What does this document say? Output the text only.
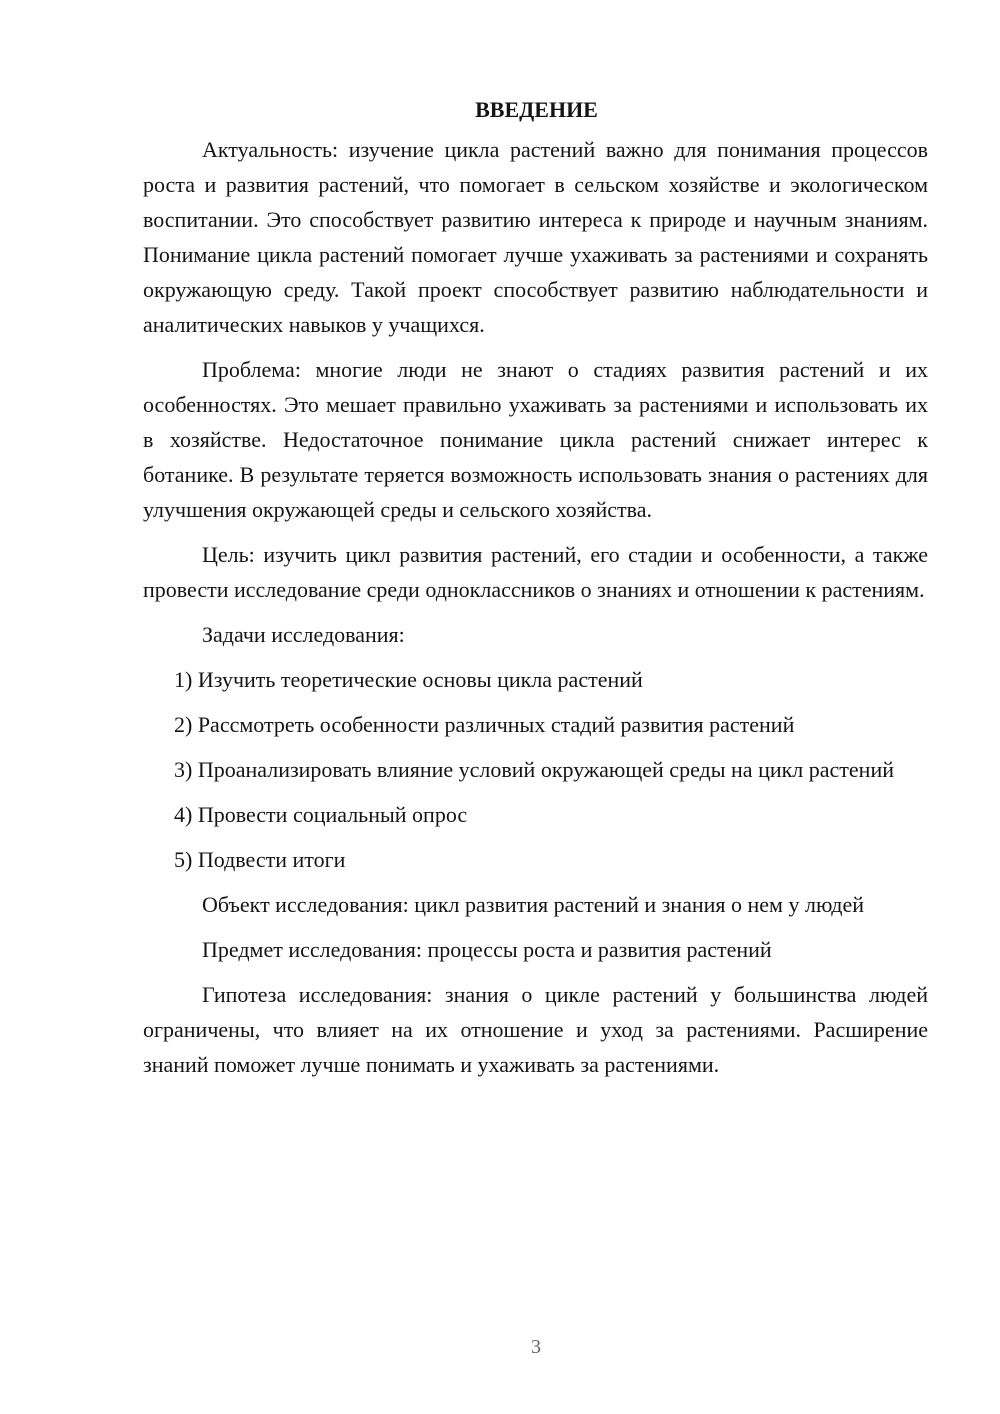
ВВЕДЕНИЕ

Актуальность: изучение цикла растений важно для понимания процессов роста и развития растений, что помогает в сельском хозяйстве и экологическом воспитании. Это способствует развитию интереса к природе и научным знаниям. Понимание цикла растений помогает лучше ухаживать за растениями и сохранять окружающую среду. Такой проект способствует развитию наблюдательности и аналитических навыков у учащихся.

Проблема: многие люди не знают о стадиях развития растений и их особенностях. Это мешает правильно ухаживать за растениями и использовать их в хозяйстве. Недостаточное понимание цикла растений снижает интерес к ботанике. В результате теряется возможность использовать знания о растениях для улучшения окружающей среды и сельского хозяйства.

Цель: изучить цикл развития растений, его стадии и особенности, а также провести исследование среди одноклассников о знаниях и отношении к растениям.

Задачи исследования:

1) Изучить теоретические основы цикла растений

2) Рассмотреть особенности различных стадий развития растений

3) Проанализировать влияние условий окружающей среды на цикл растений

4) Провести социальный опрос

5) Подвести итоги

Объект исследования: цикл развития растений и знания о нем у людей

Предмет исследования: процессы роста и развития растений

Гипотеза исследования: знания о цикле растений у большинства людей ограничены, что влияет на их отношение и уход за растениями. Расширение знаний поможет лучше понимать и ухаживать за растениями.

3
